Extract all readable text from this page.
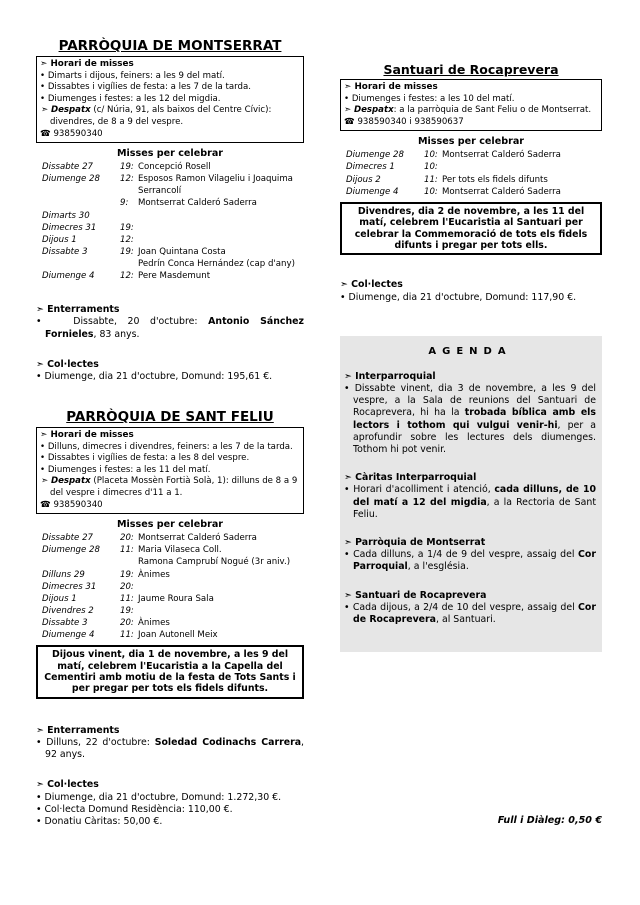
PARRÒQUIA DE MONTSERRAT
➣ Horari de misses
• Dimarts i dijous, feiners: a les 9 del matí.
• Dissabtes i vigílies de festa: a les 7 de la tarda.
• Diumenges i festes: a les 12 del migdia.
➣ Despatx (c/ Núria, 91, als baixos del Centre Cívic): divendres, de 8 a 9 del vespre.
☎ 938590340
Misses per celebrar
Dissabte 27	19:	Concepció Rosell
Diumenge 28	12:	Esposos Ramon Vilageliu i Joaquima Serrancolí
	9:	Montserrat Calderó Saderra
Dimarts 30		
Dimecres 31	19:	
Dijous 1	12:	
Dissabte 3	19:	Joan Quintana Costa
		Pedrín Conca Hernández (cap d'any)
Diumenge 4	12:	Pere Masdemunt
➣ Enterraments
•   Dissabte, 20 d'octubre: Antonio Sánchez Fornieles, 83 anys.
➣ Col·lectes
• Diumenge, dia 21 d'octubre, Domund: 195,61 €.
PARRÒQUIA DE SANT FELIU
➣ Horari de misses
• Dilluns, dimecres i divendres, feiners: a les 7 de la tarda.
• Dissabtes i vigílies de festa: a les 8 del vespre.
• Diumenges i festes: a les 11 del matí.
➣ Despatx (Placeta Mossèn Fortià Solà, 1): dilluns de 8 a 9 del vespre i dimecres d'11 a 1.
☎ 938590340
Misses per celebrar
Dissabte 27	20:	Montserrat Calderó Saderra
Diumenge 28	11:	Maria Vilaseca Coll.
		Ramona Camprubí Nogué (3r aniv.)
Dilluns 29	19:	Ànimes
Dimecres 31	20:	
Dijous 1	11:	Jaume Roura Sala
Divendres 2	19:	
Dissabte 3	20:	Ànimes
Diumenge 4	11:	Joan Autonell Meix
Dijous vinent, dia 1 de novembre, a les 9 del matí, celebrem l'Eucaristia a la Capella del Cementiri amb motiu de la festa de Tots Sants i per pregar per tots els fidels difunts.
➣ Enterraments
• Dilluns, 22 d'octubre: Soledad Codinachs Carrera, 92 anys.
➣ Col·lectes
• Diumenge, dia 21 d'octubre, Domund: 1.272,30 €.
• Col·lecta Domund Residència: 110,00 €.
• Donatiu Càritas: 50,00 €.
Santuari de Rocaprevera
➣ Horari de misses
• Diumenges i festes: a les 10 del matí.
➣ Despatx: a la parròquia de Sant Feliu o de Montserrat.
☎ 938590340 i 938590637
Misses per celebrar
Diumenge 28	10:	Montserrat Calderó Saderra
Dimecres 1	10:	
Dijous 2	11:	Per tots els fidels difunts
Diumenge 4	10:	Montserrat Calderó Saderra
Divendres, dia 2 de novembre, a les 11 del matí, celebrem l'Eucaristia al Santuari per celebrar la Commemoració de tots els fidels difunts i pregar per tots ells.
➣ Col·lectes
• Diumenge, dia 21 d'octubre, Domund: 117,90 €.
AGENDA
➣ Interparroquial
• Dissabte vinent, dia 3 de novembre, a les 9 del vespre, a la Sala de reunions del Santuari de Rocaprevera, hi ha la trobada bíblica amb els lectors i tothom qui vulgui venir-hi, per a aprofundir sobre les lectures dels diumenges. Tothom hi pot venir.
➣ Càritas Interparroquial
• Horari d'acolliment i atenció, cada dilluns, de 10 del matí a 12 del migdia, a la Rectoria de Sant Feliu.
➣ Parròquia de Montserrat
• Cada dilluns, a 1/4 de 9 del vespre, assaig del Cor Parroquial, a l'església.
➣ Santuari de Rocaprevera
• Cada dijous, a 2/4 de 10 del vespre, assaig del Cor de Rocaprevera, al Santuari.
Full i Diàleg: 0,50 €
